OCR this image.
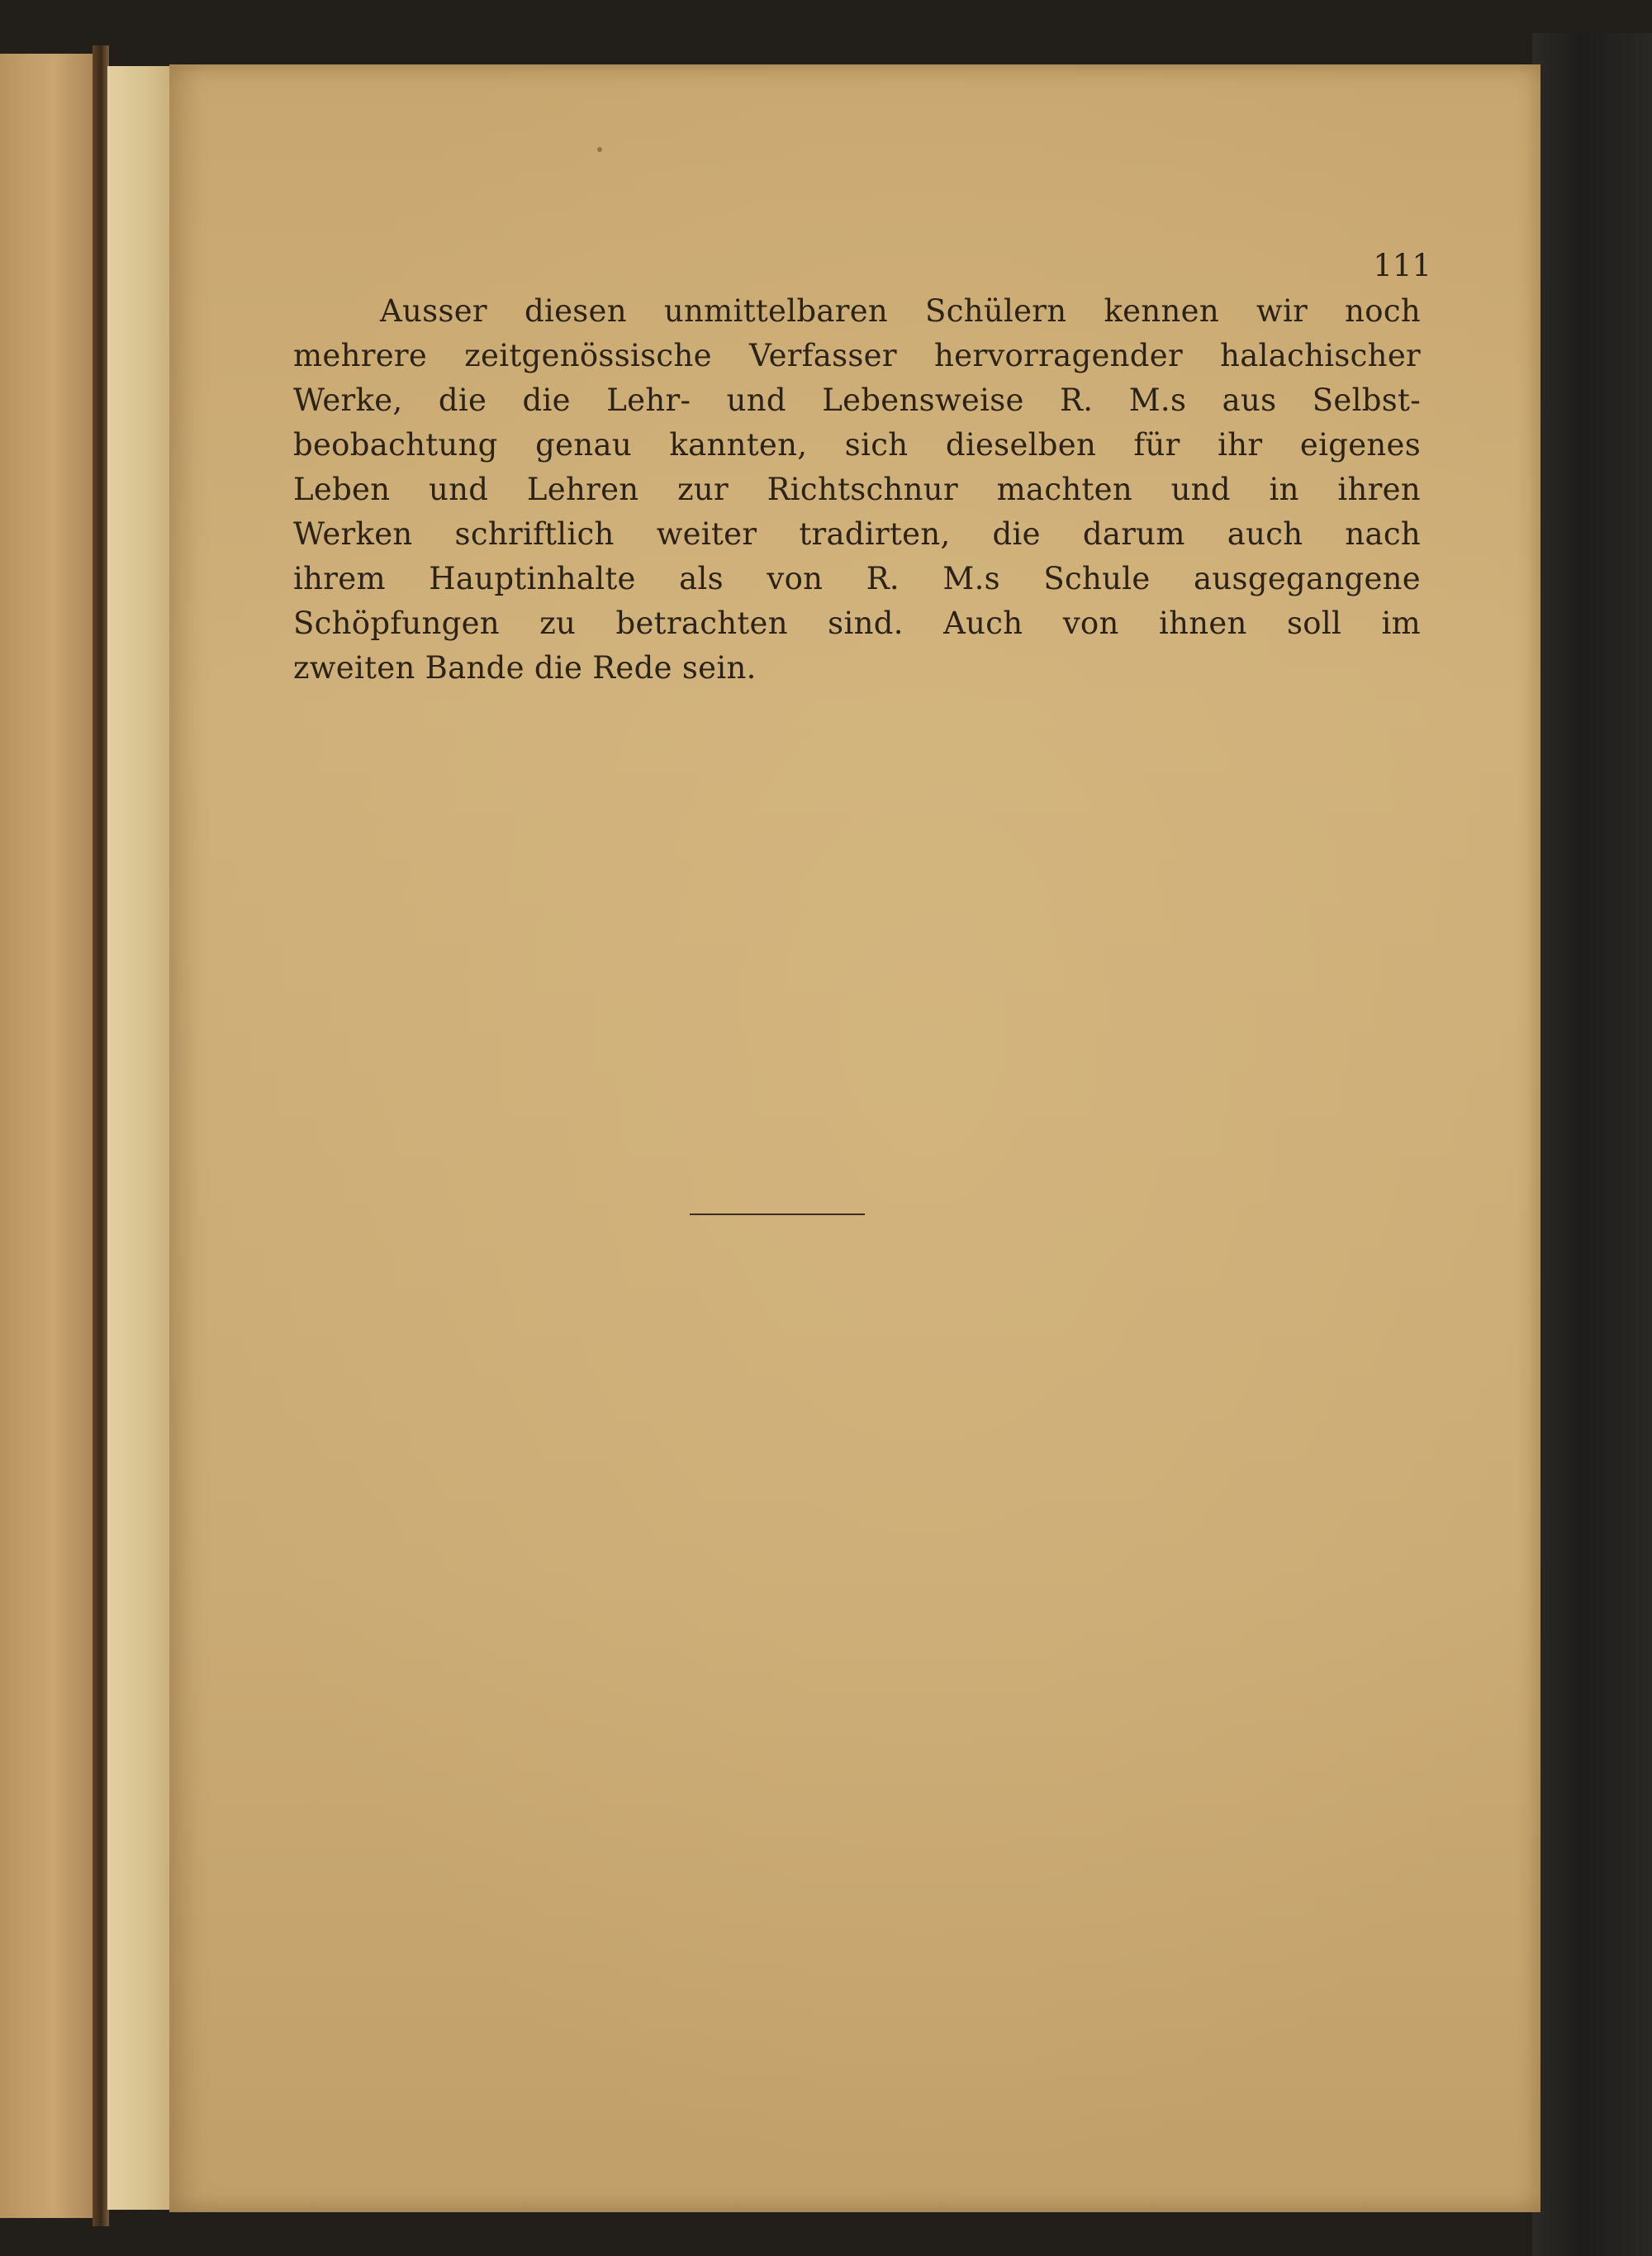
111
Ausser diesen unmittelbaren Schülern kennen wir noch
mehrere zeitgenössische Verfasser hervorragender halachischer
Werke, die die Lehr- und Lebensweise R. M.s aus Selbst-
beobachtung genau kannten, sich dieselben für ihr eigenes
Leben und Lehren zur Richtschnur machten und in ihren
Werken schriftlich weiter tradirten, die darum auch nach
ihrem Hauptinhalte als von R. M.s Schule ausgegangene
Schöpfungen zu betrachten sind. Auch von ihnen soll im
zweiten Bande die Rede sein.
